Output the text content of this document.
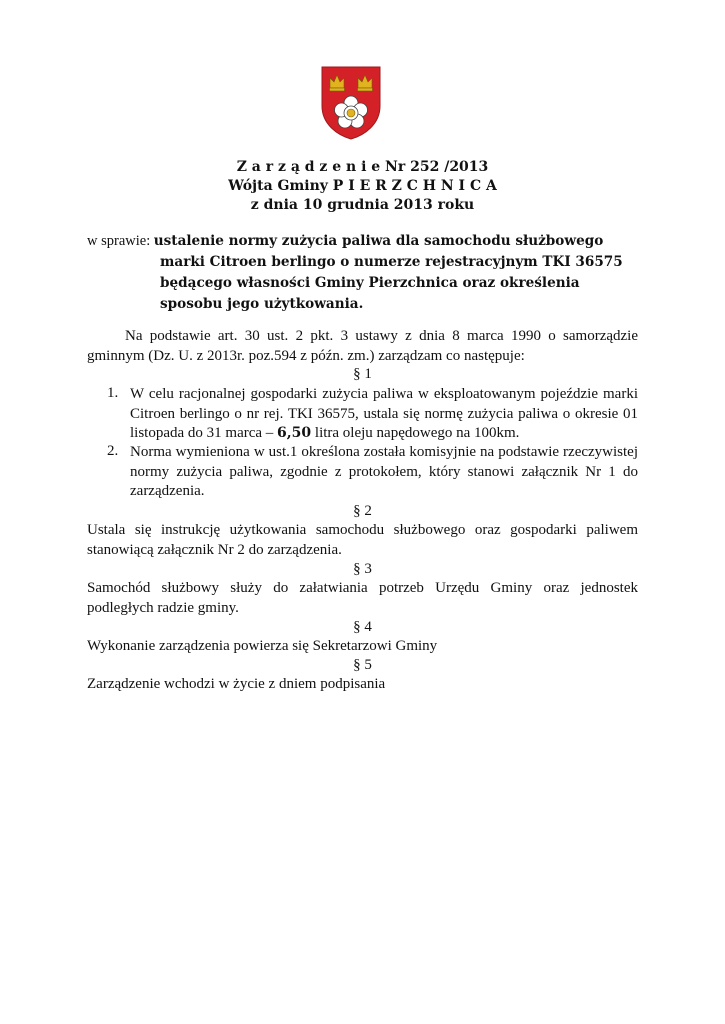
Z a r z ą d z e n i e Nr 252 /2013
Wójta Gminy P I E R Z C H N I C A
z dnia 10 grudnia 2013 roku
w sprawie: ustalenie normy zużycia paliwa dla samochodu służbowego
marki Citroen berlingo o numerze rejestracyjnym TKI 36575
będącego własności Gminy Pierzchnica oraz określenia
sposobu jego użytkowania.
Na podstawie art. 30 ust. 2 pkt. 3 ustawy z dnia 8 marca 1990 o samorządzie gminnym (Dz. U. z 2013r. poz.594 z późn. zm.) zarządzam co następuje:
§ 1
1. W celu racjonalnej gospodarki zużycia paliwa w eksploatowanym pojeździe marki Citroen berlingo o nr rej. TKI 36575, ustala się normę zużycia paliwa o okresie 01 listopada do 31 marca – 6,50 litra oleju napędowego na 100km.
2. Norma wymieniona w ust.1 określona została komisyjnie na podstawie rzeczywistej normy zużycia paliwa, zgodnie z protokołem, który stanowi załącznik Nr 1 do zarządzenia.
§ 2
Ustala się instrukcję użytkowania samochodu służbowego oraz gospodarki paliwem stanowiącą załącznik Nr 2 do zarządzenia.
§ 3
Samochód służbowy służy do załatwiania potrzeb Urzędu Gminy oraz jednostek podległych radzie gminy.
§ 4
Wykonanie zarządzenia powierza się Sekretarzowi Gminy
§ 5
Zarządzenie wchodzi w życie z dniem podpisania
